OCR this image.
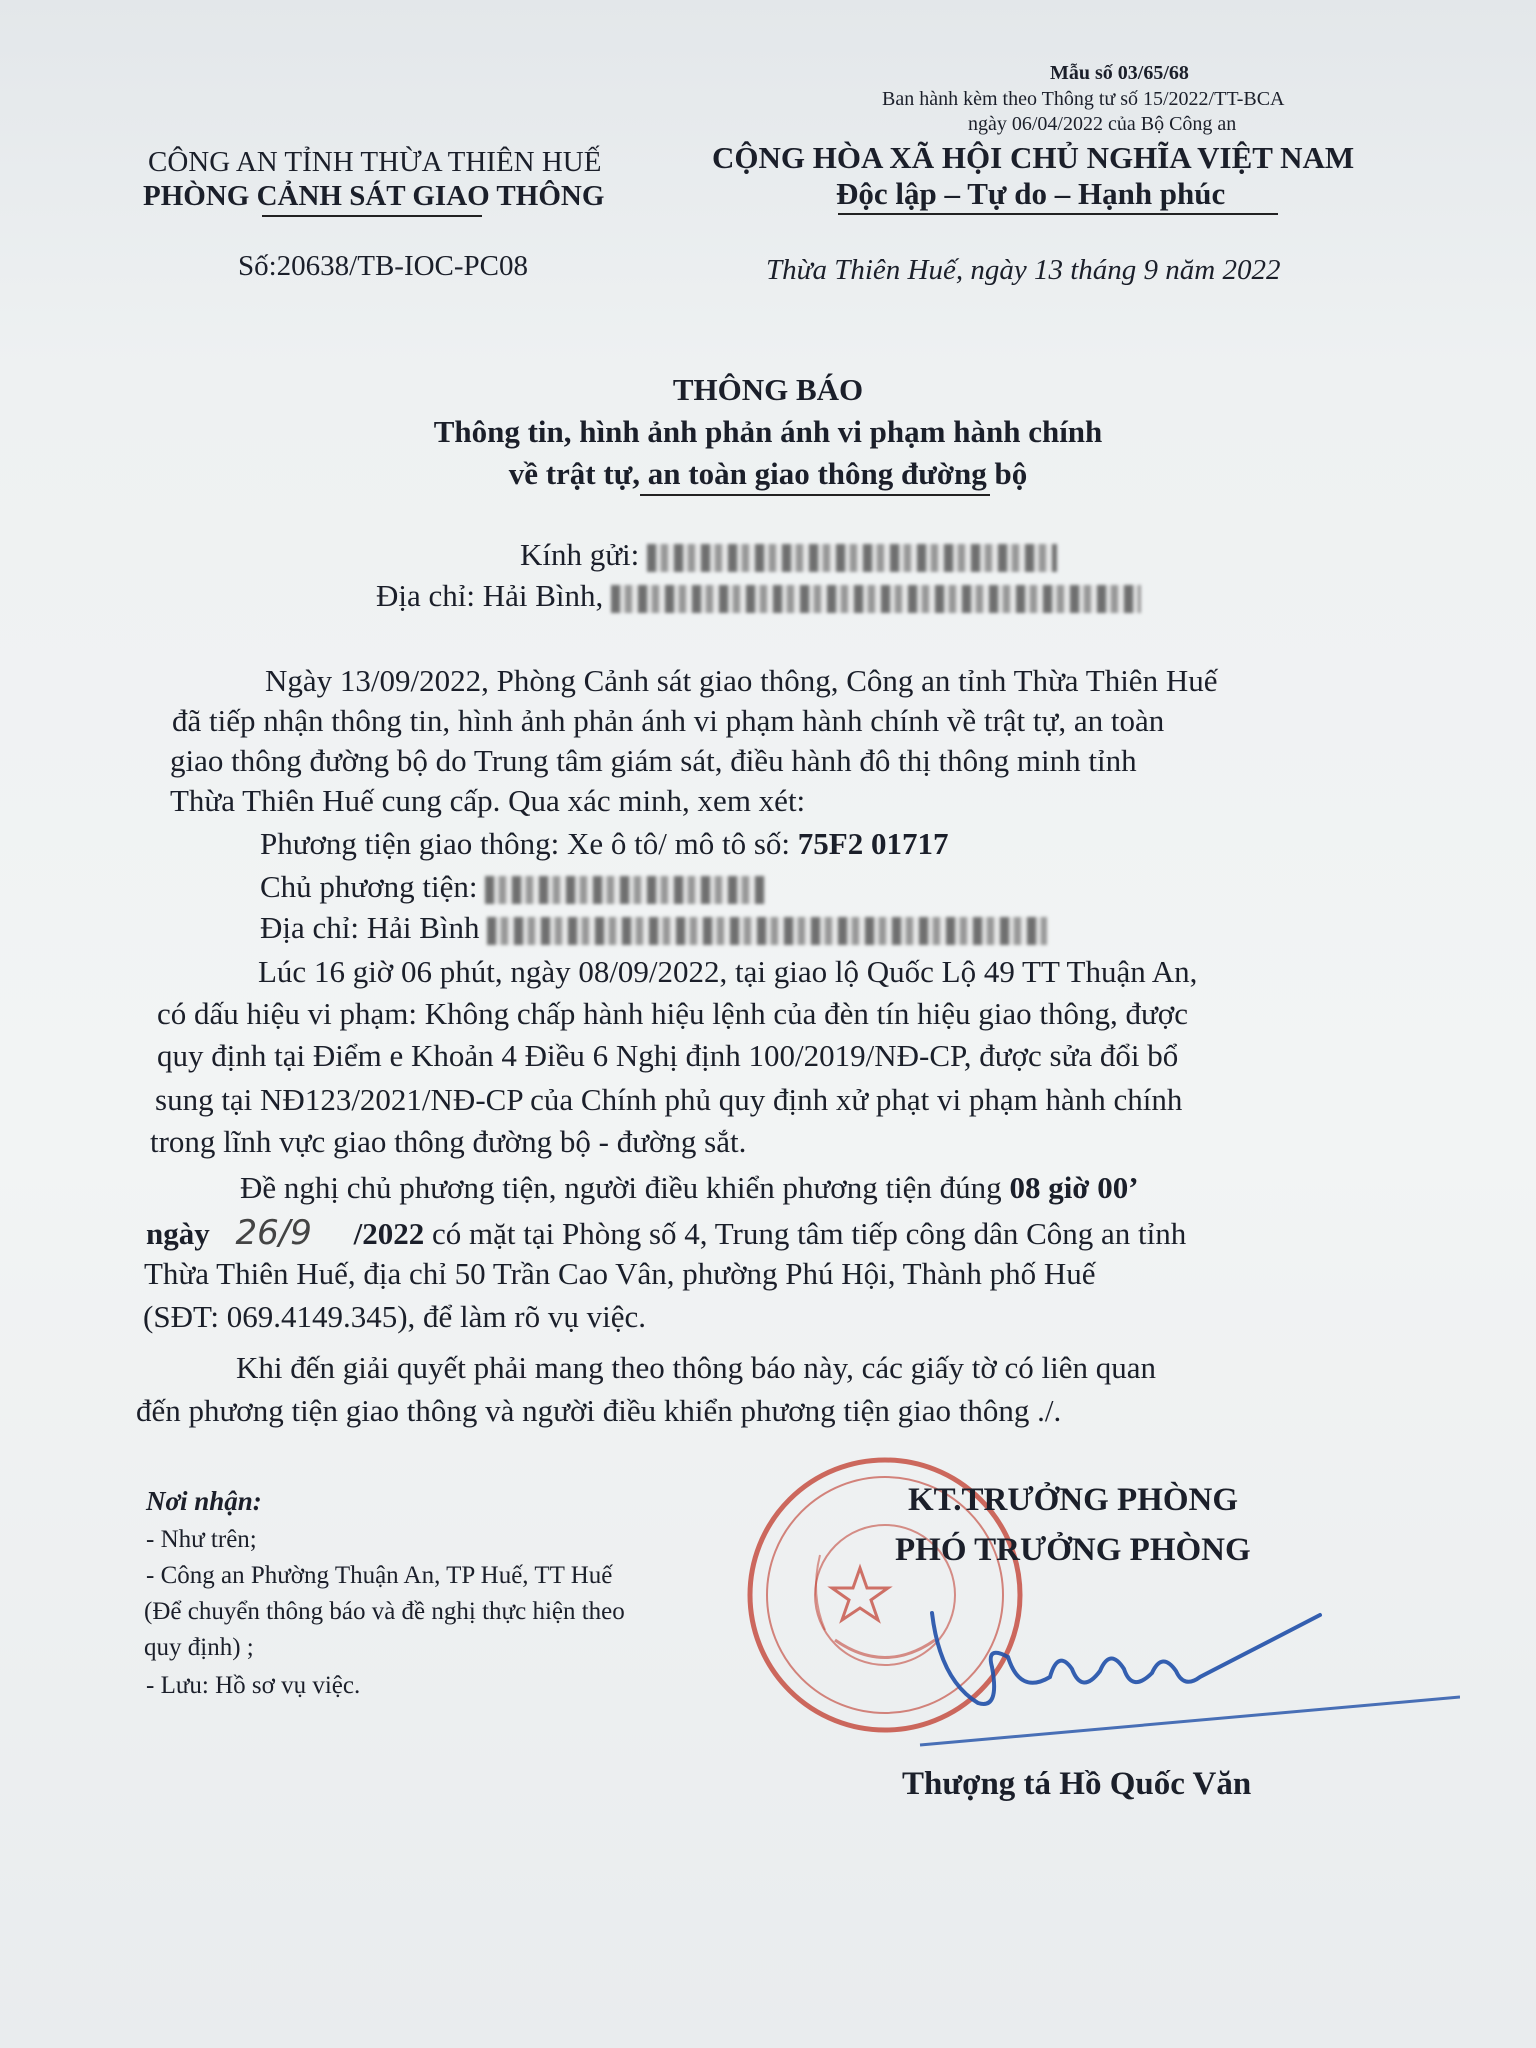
Mẫu số 03/65/68
Ban hành kèm theo Thông tư số 15/2022/TT-BCA
ngày 06/04/2022 của Bộ Công an
CÔNG AN TỈNH THỪA THIÊN HUẾ
PHÒNG CẢNH SÁT GIAO THÔNG
CỘNG HÒA XÃ HỘI CHỦ NGHĨA VIỆT NAM
Độc lập – Tự do – Hạnh phúc
Số:20638/TB-IOC-PC08	Thừa Thiên Huế, ngày 13 tháng 9 năm 2022
THÔNG BÁO
Thông tin, hình ảnh phản ánh vi phạm hành chính
về trật tự, an toàn giao thông đường bộ
Kính gửi:
Địa chỉ: Hải Bình,
Ngày 13/09/2022, Phòng Cảnh sát giao thông, Công an tỉnh Thừa Thiên Huế
đã tiếp nhận thông tin, hình ảnh phản ánh vi phạm hành chính về trật tự, an toàn
giao thông đường bộ do Trung tâm giám sát, điều hành đô thị thông minh tỉnh
Thừa Thiên Huế cung cấp. Qua xác minh, xem xét:
Phương tiện giao thông: Xe ô tô/ mô tô số: 75F2 01717
Chủ phương tiện:
Địa chỉ: Hải Bình
Lúc 16 giờ 06 phút, ngày 08/09/2022, tại giao lộ Quốc Lộ 49 TT Thuận An,
có dấu hiệu vi phạm: Không chấp hành hiệu lệnh của đèn tín hiệu giao thông, được
quy định tại Điểm e Khoản 4 Điều 6 Nghị định 100/2019/NĐ-CP, được sửa đổi bổ
sung tại NĐ123/2021/NĐ-CP của Chính phủ quy định xử phạt vi phạm hành chính
trong lĩnh vực giao thông đường bộ - đường sắt.
Đề nghị chủ phương tiện, người điều khiển phương tiện đúng 08 giờ 00’
ngày 26/9 /2022 có mặt tại Phòng số 4, Trung tâm tiếp công dân Công an tỉnh
Thừa Thiên Huế, địa chỉ 50 Trần Cao Vân, phường Phú Hội, Thành phố Huế
(SĐT: 069.4149.345), để làm rõ vụ việc.
Khi đến giải quyết phải mang theo thông báo này, các giấy tờ có liên quan
đến phương tiện giao thông và người điều khiển phương tiện giao thông ./.
Nơi nhận:
- Như trên;
- Công an Phường Thuận An, TP Huế, TT Huế
(Để chuyển thông báo và đề nghị thực hiện theo
quy định) ;
- Lưu: Hồ sơ vụ việc.
KT.TRƯỞNG PHÒNG
PHÓ TRƯỞNG PHÒNG
Thượng tá Hồ Quốc Văn
